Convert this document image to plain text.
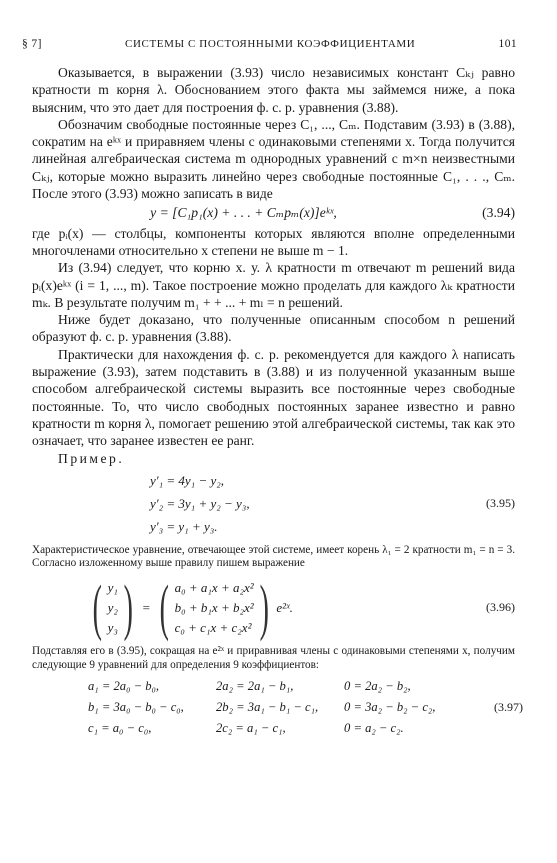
§ 7]	СИСТЕМЫ С ПОСТОЯННЫМИ КОЭФФИЦИЕНТАМИ	101

Оказывается, в выражении (3.93) число независимых констант Cₖⱼ равно кратности m корня λ. Обоснованием этого факта мы займемся ниже, а пока выясним, что это дает для построения ф. с. р. уравнения (3.88).

Обозначим свободные постоянные через C₁, ..., Cₘ. Подставим (3.93) в (3.88), сократим на eᵏˣ и приравняем члены с одинаковыми степенями x. Тогда получится линейная алгебраическая система m однородных уравнений с m×n неизвестными Cₖⱼ, которые можно выразить линейно через свободные постоянные C₁, . . ., Cₘ. После этого (3.93) можно записать в виде

y = [C₁p₁(x) + . . . + Cₘpₘ(x)]eᵏˣ,	(3.94)

где pᵢ(x) — столбцы, компоненты которых являются вполне определенными многочленами относительно x степени не выше m − 1.

Из (3.94) следует, что корню х. у. λ кратности m отвечают m решений вида pᵢ(x)eᵏˣ (i = 1, ..., m). Такое построение можно проделать для каждого λₖ кратности mₖ. В результате получим m₁ + + ... + mₗ = n решений.

Ниже будет доказано, что полученные описанным способом n решений образуют ф. с. р. уравнения (3.88).

Практически для нахождения ф. с. р. рекомендуется для каждого λ написать выражение (3.93), затем подставить в (3.88) и из полученной указанным выше способом алгебраической системы выразить все постоянные через свободные постоянные. То, что число свободных постоянных заранее известно и равно кратности m корня λ, помогает решению этой алгебраической системы, так как это означает, что заранее известен ее ранг.

Пример.

y′₁ = 4y₁ − y₂,
y′₂ = 3y₁ + y₂ − y₃,
y′₃ = y₁ + y₃.
(3.95)

Характеристическое уравнение, отвечающее этой системе, имеет корень λ₁ = 2 кратности m₁ = n = 3. Согласно изложенному выше правилу пишем выражение

( y₁
y₂
y₃ ) = ( a₀ + a₁x + a₂x²
b₀ + b₁x + b₂x²
c₀ + c₁x + c₂x² ) e²ˣ.	(3.96)

Подставляя его в (3.95), сокращая на e²ˣ и приравнивая члены с одинаковыми степенями x, получим следующие 9 уравнений для определения 9 коэффициентов:

a₁ = 2a₀ − b₀,	2a₂ = 2a₁ − b₁,	0 = 2a₂ − b₂,
b₁ = 3a₀ − b₀ − c₀,	2b₂ = 3a₁ − b₁ − c₁,	0 = 3a₂ − b₂ − c₂,	(3.97)
c₁ = a₀ − c₀,	2c₂ = a₁ − c₁,	0 = a₂ − c₂.
